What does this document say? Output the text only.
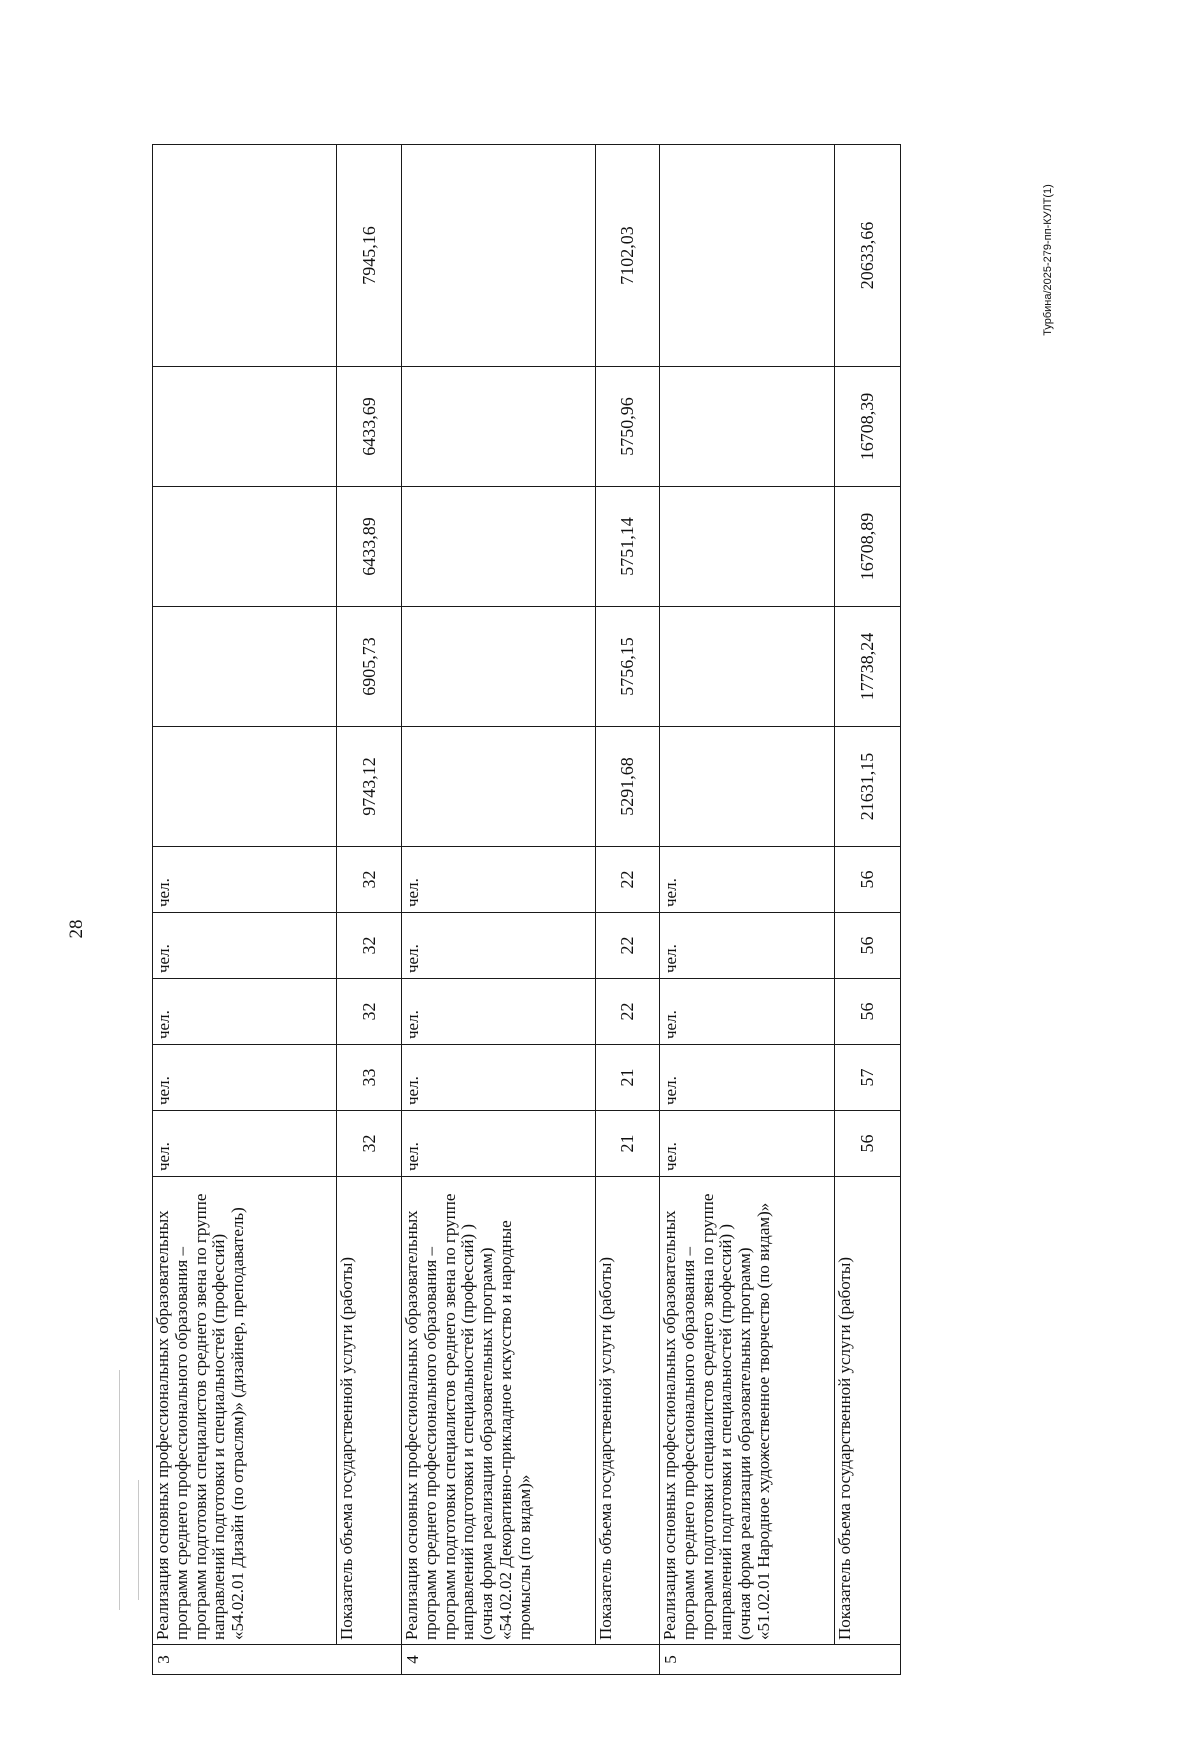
28
Турбина/2025-279-пп-КУЛТ(1)
3	Реализация основных профессиональных образовательных программ среднего профессионального образования – программ подготовки специалистов среднего звена по группе направлений подготовки и специальностей (профессий) «54.02.01 Дизайн (по отраслям)» (дизайнер, преподаватель)	чел.	чел.	чел.	чел.	чел.					
	Показатель объема государственной услуги (работы)	32	33	32	32	32	9743,12	6905,73	6433,89	6433,69	7945,16
4	Реализация основных профессиональных образовательных программ среднего профессионального образования – программ подготовки специалистов среднего звена по группе направлений подготовки и специальностей (профессий) ) (очная форма реализации образовательных программ) «54.02.02 Декоративно-прикладное искусство и народные промыслы (по видам)»	чел.	чел.	чел.	чел.	чел.					
	Показатель объема государственной услуги (работы)	21	21	22	22	22	5291,68	5756,15	5751,14	5750,96	7102,03
5	Реализация основных профессиональных образовательных программ среднего профессионального образования – программ подготовки специалистов среднего звена по группе направлений подготовки и специальностей (профессий) ) (очная форма реализации образовательных программ) «51.02.01 Народное художественное творчество (по видам)»	чел.	чел.	чел.	чел.	чел.					
	Показатель объема государственной услуги (работы)	56	57	56	56	56	21631,15	17738,24	16708,89	16708,39	20633,66
